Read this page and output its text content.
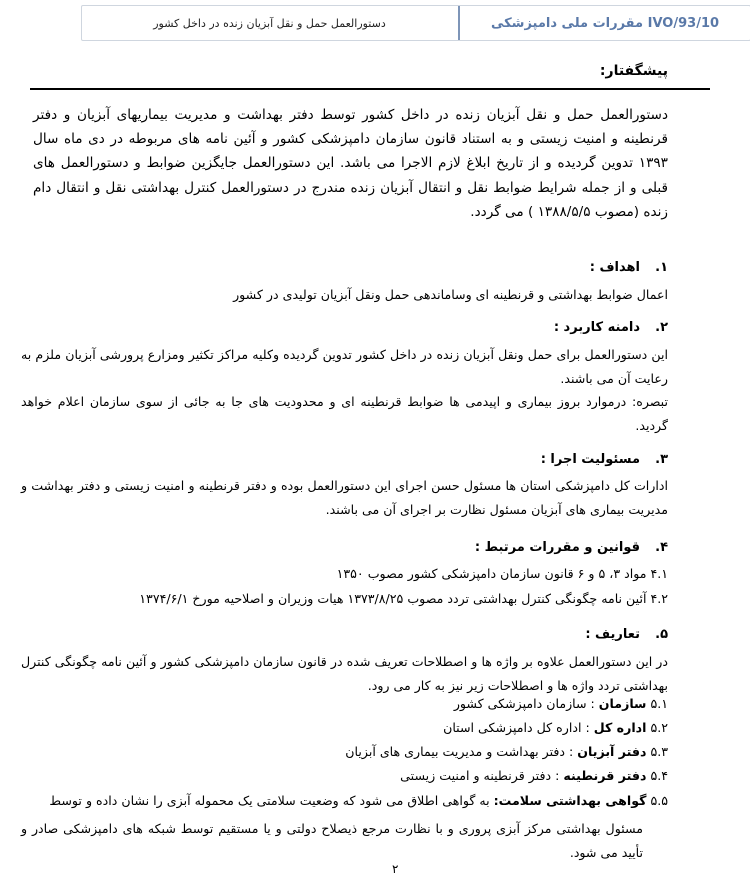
93/10/IVO مقررات ملی دامپزشکی
دستورالعمل حمل و نقل آبزیان زنده در داخل کشور
پیشگفتار:
دستورالعمل حمل و نقل آبزیان زنده در داخل کشور توسط دفتر بهداشت و مدیریت بیماریهای آبزیان و دفتر قرنطینه و امنیت زیستی و به استناد قانون سازمان دامپزشکی کشور و آئین نامه های مربوطه در دی ماه سال ۱۳۹۳ تدوین گردیده و از تاریخ ابلاغ لازم الاجرا می باشد. این دستورالعمل جایگزین ضوابط و دستورالعمل های قبلی و از جمله شرایط ضوابط نقل و انتقال آبزیان زنده مندرج در دستورالعمل کنترل بهداشتی نقل و انتقال دام زنده (مصوب ۱۳۸۸/۵/۵ ) می گردد.
۱.
اهداف :
اعمال ضوابط بهداشتی و قرنطینه ای وساماندهی حمل ونقل آبزیان تولیدی در کشور
۲.
دامنه کاربرد :
این دستورالعمل برای حمل ونقل آبزیان زنده در داخل کشور تدوین گردیده وکلیه مراکز تکثیر ومزارع پرورشی آبزیان ملزم به رعایت آن می باشند.
تبصره: درموارد بروز بیماری و اپیدمی ها ضوابط قرنطینه ای و محدودیت های جا به جائی از سوی سازمان اعلام خواهد گردید.
۳.
مسئولیت اجرا :
ادارات کل دامپزشکی استان ها مسئول حسن اجرای این دستورالعمل بوده و دفتر قرنطینه و امنیت زیستی و دفتر بهداشت و مدیریت بیماری های آبزیان مسئول نظارت بر اجرای آن می باشند.
۴.
قوانین و مقررات مرتبط :
۴.۱ مواد ۳، ۵ و ۶ قانون سازمان دامپزشکی کشور مصوب ۱۳۵۰
۴.۲ آئین نامه چگونگی کنترل بهداشتی تردد مصوب ۱۳۷۳/۸/۲۵ هیات وزیران و اصلاحیه مورخ ۱۳۷۴/۶/۱
۵.
تعاریف :
در این دستورالعمل علاوه بر واژه ها و اصطلاحات تعریف شده در قانون سازمان دامپزشکی کشور و آئین نامه چگونگی کنترل بهداشتی تردد واژه ها و اصطلاحات زیر نیز به کار می رود.
۵.۱ سازمان : سازمان دامپزشکی کشور
۵.۲ اداره کل : اداره کل دامپزشکی استان
۵.۳ دفتر آبزیان : دفتر بهداشت و مدیریت بیماری های آبزیان
۵.۴ دفتر قرنطینه : دفتر قرنطینه و امنیت زیستی
۵.۵ گواهی بهداشتی سلامت: به گواهی اطلاق می شود که وضعیت سلامتی یک محموله آبزی را نشان داده و توسط
مسئول بهداشتی مرکز آبزی پروری و با نظارت مرجع ذیصلاح دولتی و یا مستقیم توسط شبکه های دامپزشکی صادر و تأیید می شود.
۲
